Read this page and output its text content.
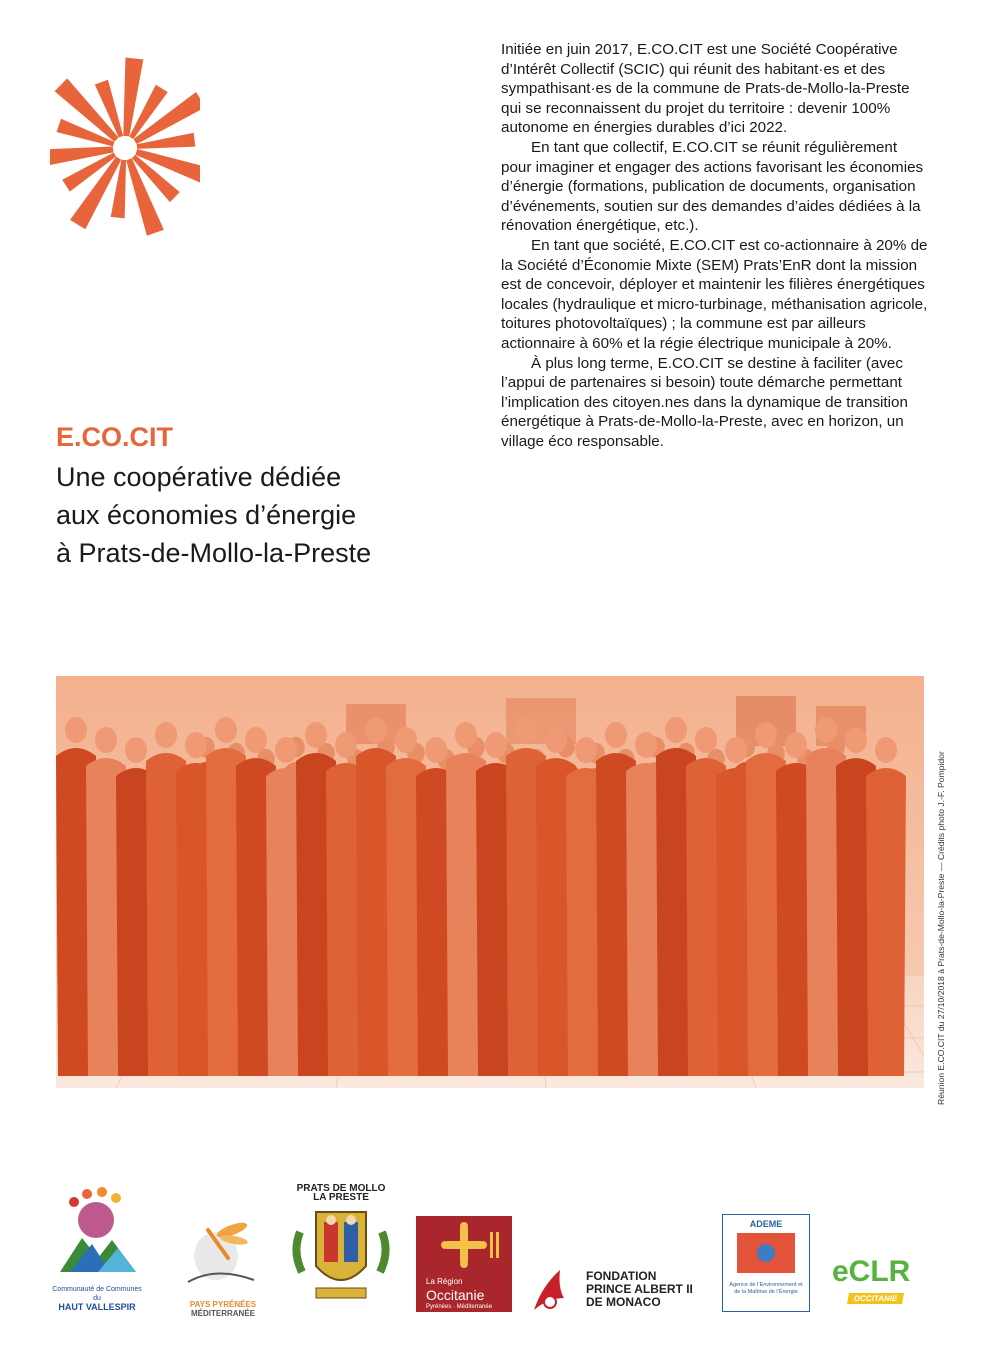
Initiée en juin 2017, E.CO.CIT est une Société Coopérative d’Intérêt Collectif (SCIC) qui réunit des habitant·es et des sympathisant·es de la commune de Prats-de-Mollo-la-Preste qui se reconnaissent du projet du territoire : devenir 100% autonome en énergies durables d’ici 2022.

En tant que collectif, E.CO.CIT se réunit régulièrement pour imaginer et engager des actions favorisant les économies d’énergie (formations, publication de documents, organisation d’événements, soutien sur des demandes d’aides dédiées à la rénovation énergétique, etc.).

En tant que société, E.CO.CIT est co-actionnaire à 20% de la Société d’Économie Mixte (SEM) Prats’EnR dont la mission est de concevoir, déployer et maintenir les filières énergétiques locales (hydraulique et micro-turbinage, méthanisation agricole, toitures photovoltaïques) ; la commune est par ailleurs actionnaire à 60% et la régie électrique municipale à 20%.

À plus long terme, E.CO.CIT se destine à faciliter (avec l’appui de partenaires si besoin) toute démarche permettant l’implication des citoyen.nes dans la dynamique de transition énergétique à Prats-de-Mollo-la-Preste, avec en horizon, un village éco responsable.

E.CO.CIT

Une coopérative dédiée
aux économies d’énergie
à Prats-de-Mollo-la-Preste

Réunion E.CO.CIT du 27/10/2018 à Prats-de-Mollo-la-Preste — Crédits photo J.-F. Pompidor
Communauté de Communes du
HAUT VALLESPIR	PAYS PYRÉNÉES
MÉDITERRANÉE
PRATS DE MOLLO
LA PRESTE
La Région
Occitanie
Pyrénées · Méditerranée
FONDATION
PRINCE ALBERT II
DE MONACO
ADEME
Agence de l’Environnement et de la Maîtrise de l’Énergie
eCLR
OCCITANIE
